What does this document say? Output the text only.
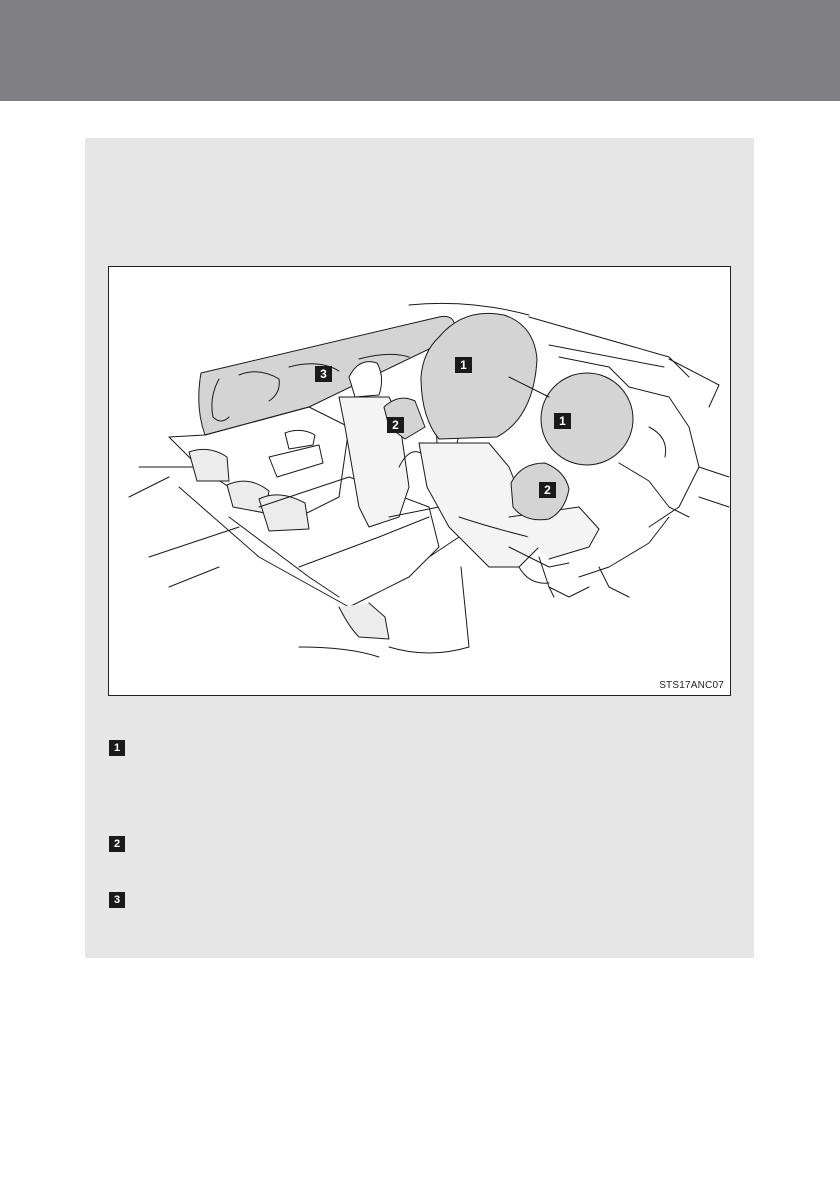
3
1
1
2
2
STS17ANC07
1
2
3
